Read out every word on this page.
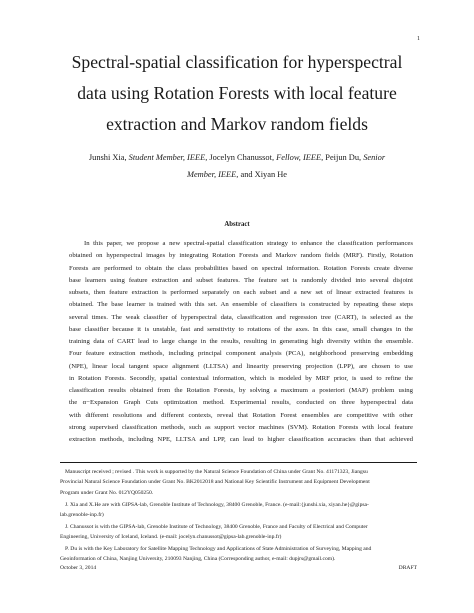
1
Spectral-spatial classification for hyperspectral
data using Rotation Forests with local feature
extraction and Markov random fields
Junshi Xia, Student Member, IEEE, Jocelyn Chanussot, Fellow, IEEE, Peijun Du, Senior
Member, IEEE, and Xiyan He
Abstract
In this paper, we propose a new spectral-spatial classification strategy to enhance the classification performances
obtained on hyperspectral images by integrating Rotation Forests and Markov random fields (MRF). Firstly, Rotation
Forests are performed to obtain the class probabilities based on spectral information. Rotation Forests create diverse
base learners using feature extraction and subset features. The feature set is randomly divided into several disjoint
subsets, then feature extraction is performed separately on each subset and a new set of linear extracted features is
obtained. The base learner is trained with this set. An ensemble of classifiers is constructed by repeating these steps
several times. The weak classifier of hyperspectral data, classification and regression tree (CART), is selected as the
base classifier because it is unstable, fast and sensitivity to rotations of the axes. In this case, small changes in the
training data of CART lead to large change in the results, resulting in generating high diversity within the ensemble.
Four feature extraction methods, including principal component analysis (PCA), neighborhood preserving embedding
(NPE), linear local tangent space alignment (LLTSA) and linearity preserving projection (LPP), are chosen to use
in Rotation Forests. Secondly, spatial contextual information, which is modeled by MRF prior, is used to refine the
classification results obtained from the Rotation Forests, by solving a maximum a posteriori (MAP) problem using
the α−Expansion Graph Cuts optimization method. Experimental results, conducted on three hyperspectral data
with different resolutions and different contexts, reveal that Rotation Forest ensembles are competitive with other
strong supervised classification methods, such as support vector machines (SVM). Rotation Forests with local feature
extraction methods, including NPE, LLTSA and LPP, can lead to higher classification accuracies than that achieved
Manuscript received ; revised . This work is supported by the Natural Science Foundation of China under Grant No. 41171323, Jiangsu
Provincial Natural Science Foundation under Grant No. BK2012018 and National Key Scientific Instrument and Equipment Development
Program under Grant No. 012YQ050250.
J. Xia and X.He are with GIPSA-lab, Grenoble Institute of Technology, 38400 Grenoble, France. (e-mail:{junshi.xia, xiyan.he}@gipsa-
lab.grenoble-inp.fr)
J. Chanussot is with the GIPSA-lab, Grenoble Institute of Technology, 38400 Grenoble, France and Faculty of Electrical and Computer
Engineering, University of Iceland, Iceland. (e-mail: jocelyn.chanussot@gipsa-lab.grenoble-inp.fr)
P. Du is with the Key Laboratory for Satellite Mapping Technology and Applications of State Administration of Surveying, Mapping and
Geoinformation of China, Nanjing University, 210093 Nanjing, China (Corresponding author, e-mail: dupjrs@gmail.com).
October 3, 2014	DRAFT
